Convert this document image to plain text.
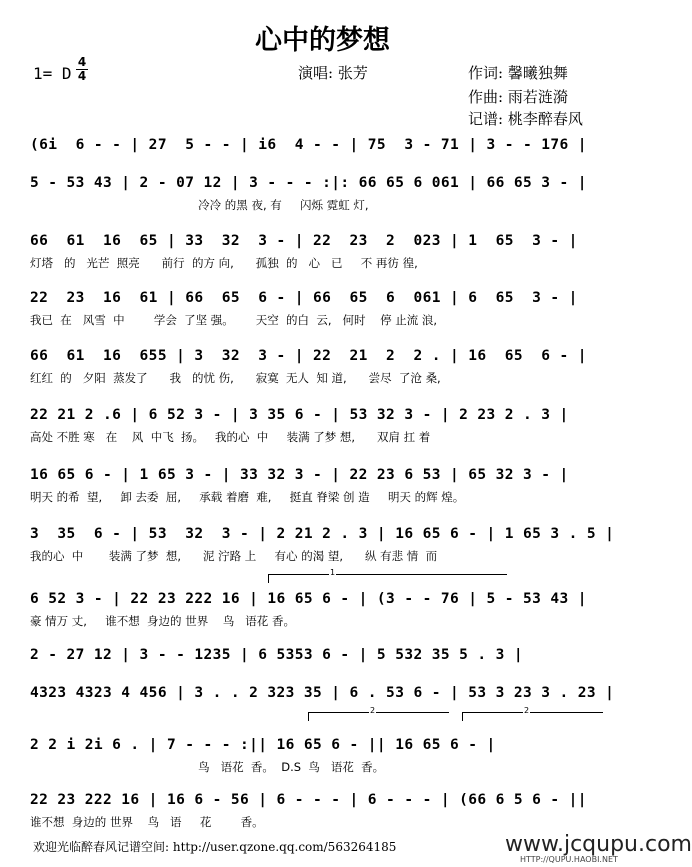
心中的梦想
1= D
4
4	演唱: 张芳	作词: 馨曦独舞
作曲: 雨若涟漪
记谱: 桃李醉春风
(6i  6 - - | 27  5 - - | i6  4 - - | 75  3 - 71 | 3 - - 176 |
5 - 53 43 | 2 - 07 12 | 3 - - - :|: 66 65 6 061 | 66 65 3 - |
冷冷 的黑 夜, 有     闪烁 霓虹 灯,
66  61  16  65 | 33  32  3 - | 22  23  2  023 | 1  65  3 - |
灯塔   的   光芒  照亮      前行  的方 向,      孤独  的   心   已     不 再彷 徨,
22  23  16  61 | 66  65  6 - | 66  65  6  061 | 6  65  3 - |
我已  在   风雪  中        学会  了坚 强。      天空  的白  云,   何时    停 止流 浪,
66  61  16  655 | 3  32  3 - | 22  21  2  2 . | 16  65  6 - |
红红  的   夕阳  蒸发了      我   的忧 伤,      寂寞  无人  知 道,      尝尽  了沧 桑,
22 21 2 .6 | 6 52 3 - | 3 35 6 - | 53 32 3 - | 2 23 2 . 3 |
高处 不胜 寒   在    风  中飞  扬。   我的心  中     装满 了梦 想,      双肩 扛 着
16 65 6 - | 1 65 3 - | 33 32 3 - | 22 23 6 53 | 65 32 3 - |
明天 的希  望,     卸 去委  屈,     承载 着磨  难,     挺直 脊梁 创 造     明天 的辉 煌。
3  35  6 - | 53  32  3 - | 2 21 2 . 3 | 16 65 6 - | 1 65 3 . 5 |
我的心  中       装满 了梦  想,      泥 泞路 上     有心 的渴 望,      纵 有悲 情  而
6 52 3 - | 22 23 222 16 | 16 65 6 - | (3 - - 76 | 5 - 53 43 |
豪 情万 丈,     谁不想  身边的 世界    鸟   语花 香。
2 - 27 12 | 3 - - 1235 | 6 5353 6 - | 5 532 35 5 . 3 |
4323 4323 4 456 | 3 . . 2 323 35 | 6 . 53 6 - | 53 3 23 3 . 23 |
2 2 i 2i 6 . | 7 - - - :|| 16 65 6 - || 16 65 6 - |
鸟   语花  香。  D.S  鸟   语花  香。
22 23 222 16 | 16 6 - 56 | 6 - - - | 6 - - - | (66 6 5 6 - ||
谁不想  身边的 世界    鸟   语     花        香。
1
2	2
欢迎光临醉春风记谱空间: http://user.qzone.qq.com/563264185	www.jcqupu.com
HTTP://QUPU.HAOBI.NET
